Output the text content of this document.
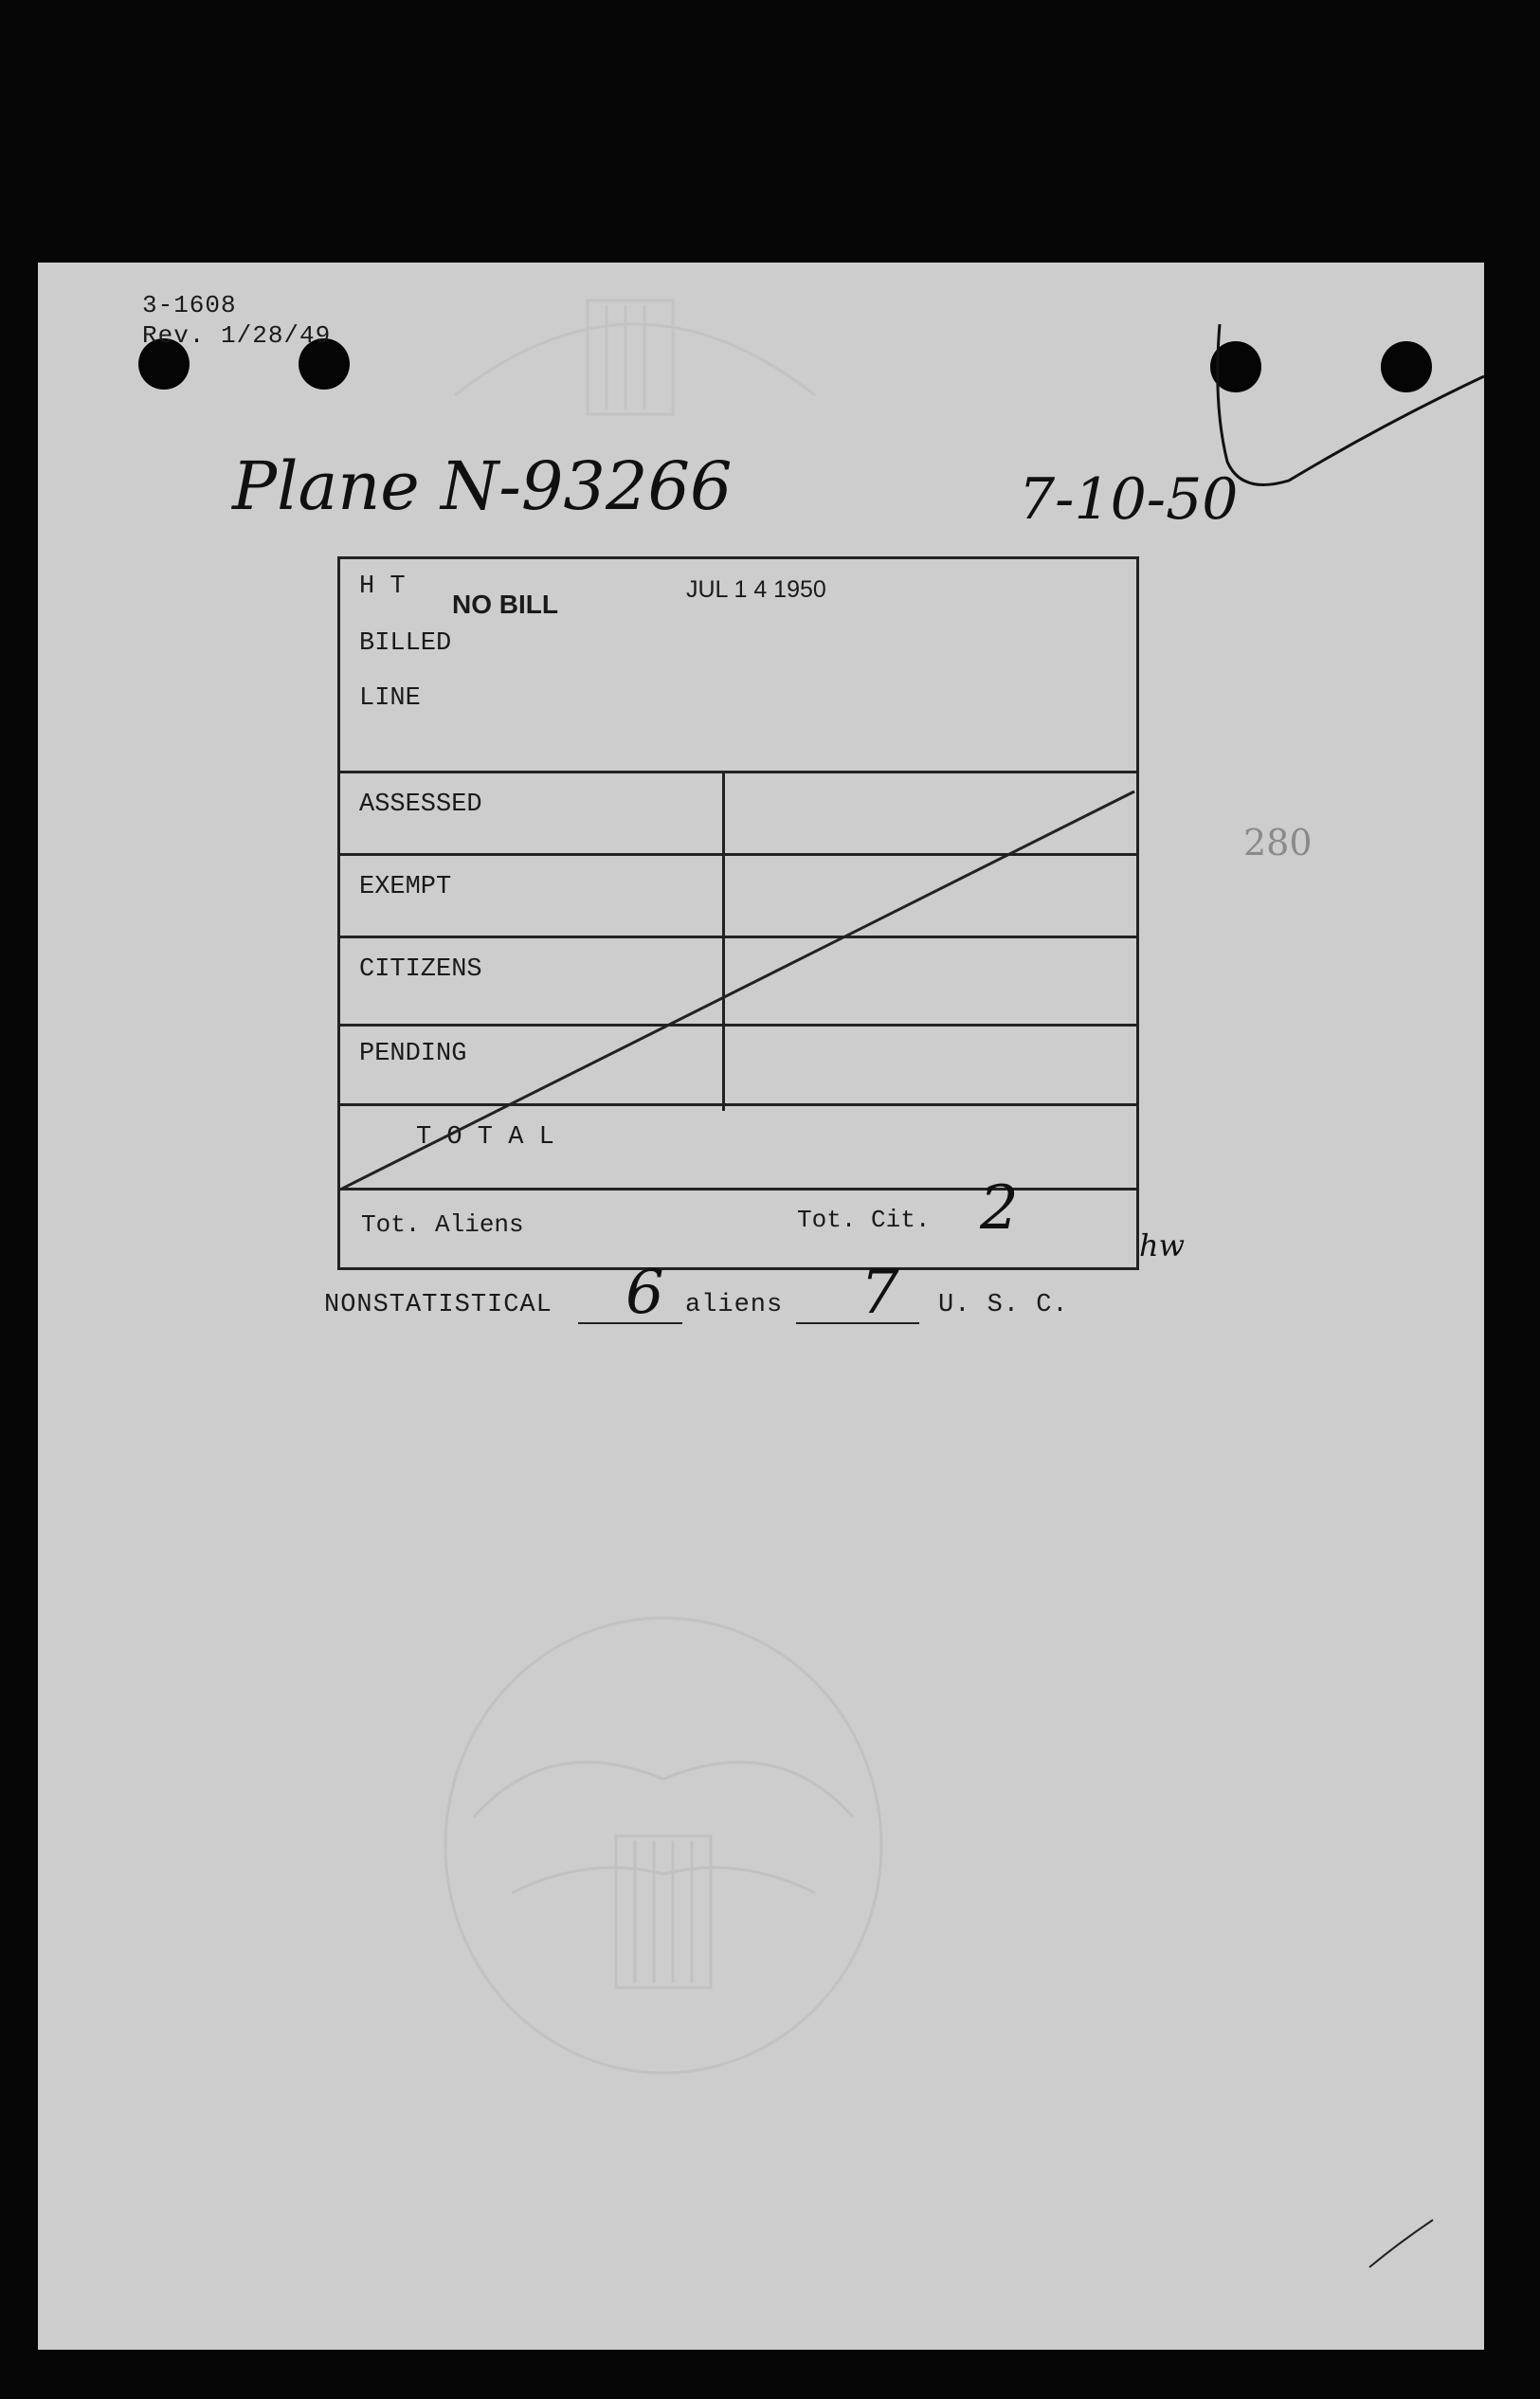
3-1608
Rev. 1/28/49
Plane N-93266	7-10-50
280
H T
NO BILL	JUL 1 4 1950
BILLED
LINE
ASSESSED
EXEMPT
CITIZENS
PENDING
T O T A L
Tot. Aliens	Tot. Cit. 2
hw
NONSTATISTICAL 6 aliens 7 U. S. C.
